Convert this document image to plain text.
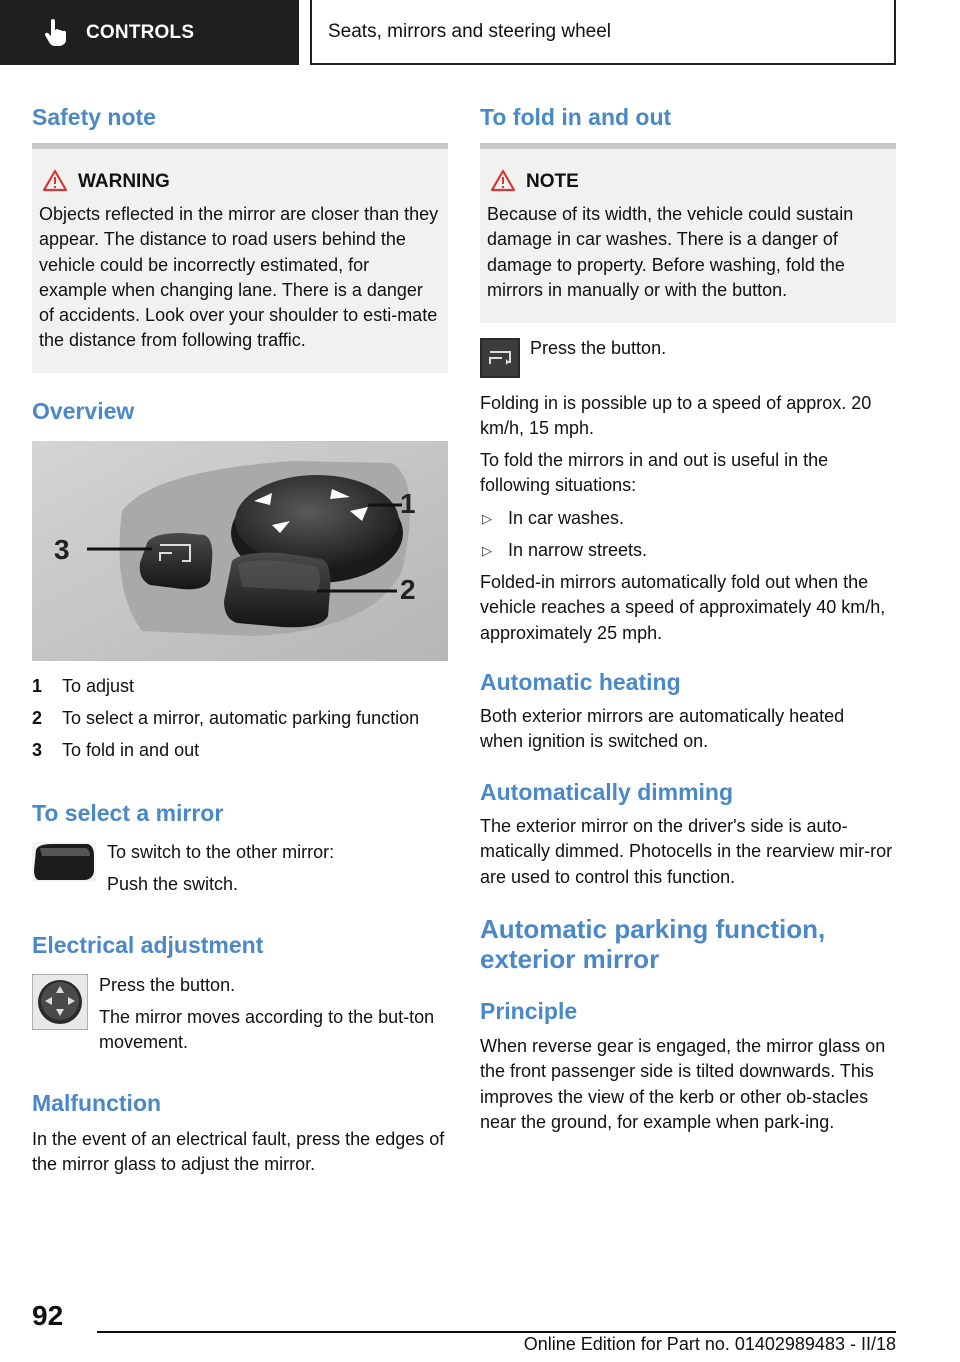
CONTROLS	Seats, mirrors and steering wheel
Safety note
WARNING
Objects reflected in the mirror are closer than they appear. The distance to road users behind the vehicle could be incorrectly estimated, for example when changing lane. There is a danger of accidents. Look over your shoulder to esti-mate the distance from following traffic.
Overview
1
2
3
1 To adjust
2 To select a mirror, automatic parking function
3 To fold in and out
To select a mirror
To switch to the other mirror:
Push the switch.
Electrical adjustment
Press the button.
The mirror moves according to the but-ton movement.
Malfunction
In the event of an electrical fault, press the edges of the mirror glass to adjust the mirror.
To fold in and out
NOTE
Because of its width, the vehicle could sustain damage in car washes. There is a danger of damage to property. Before washing, fold the mirrors in manually or with the button.
Press the button.
Folding in is possible up to a speed of approx. 20 km/h, 15 mph.
To fold the mirrors in and out is useful in the following situations:
▷ In car washes.
▷ In narrow streets.
Folded-in mirrors automatically fold out when the vehicle reaches a speed of approximately 40 km/h, approximately 25 mph.
Automatic heating
Both exterior mirrors are automatically heated when ignition is switched on.
Automatically dimming
The exterior mirror on the driver's side is auto-matically dimmed. Photocells in the rearview mir-ror are used to control this function.
Automatic parking function, exterior mirror
Principle
When reverse gear is engaged, the mirror glass on the front passenger side is tilted downwards. This improves the view of the kerb or other ob-stacles near the ground, for example when park-ing.
92
Online Edition for Part no. 01402989483 - II/18
